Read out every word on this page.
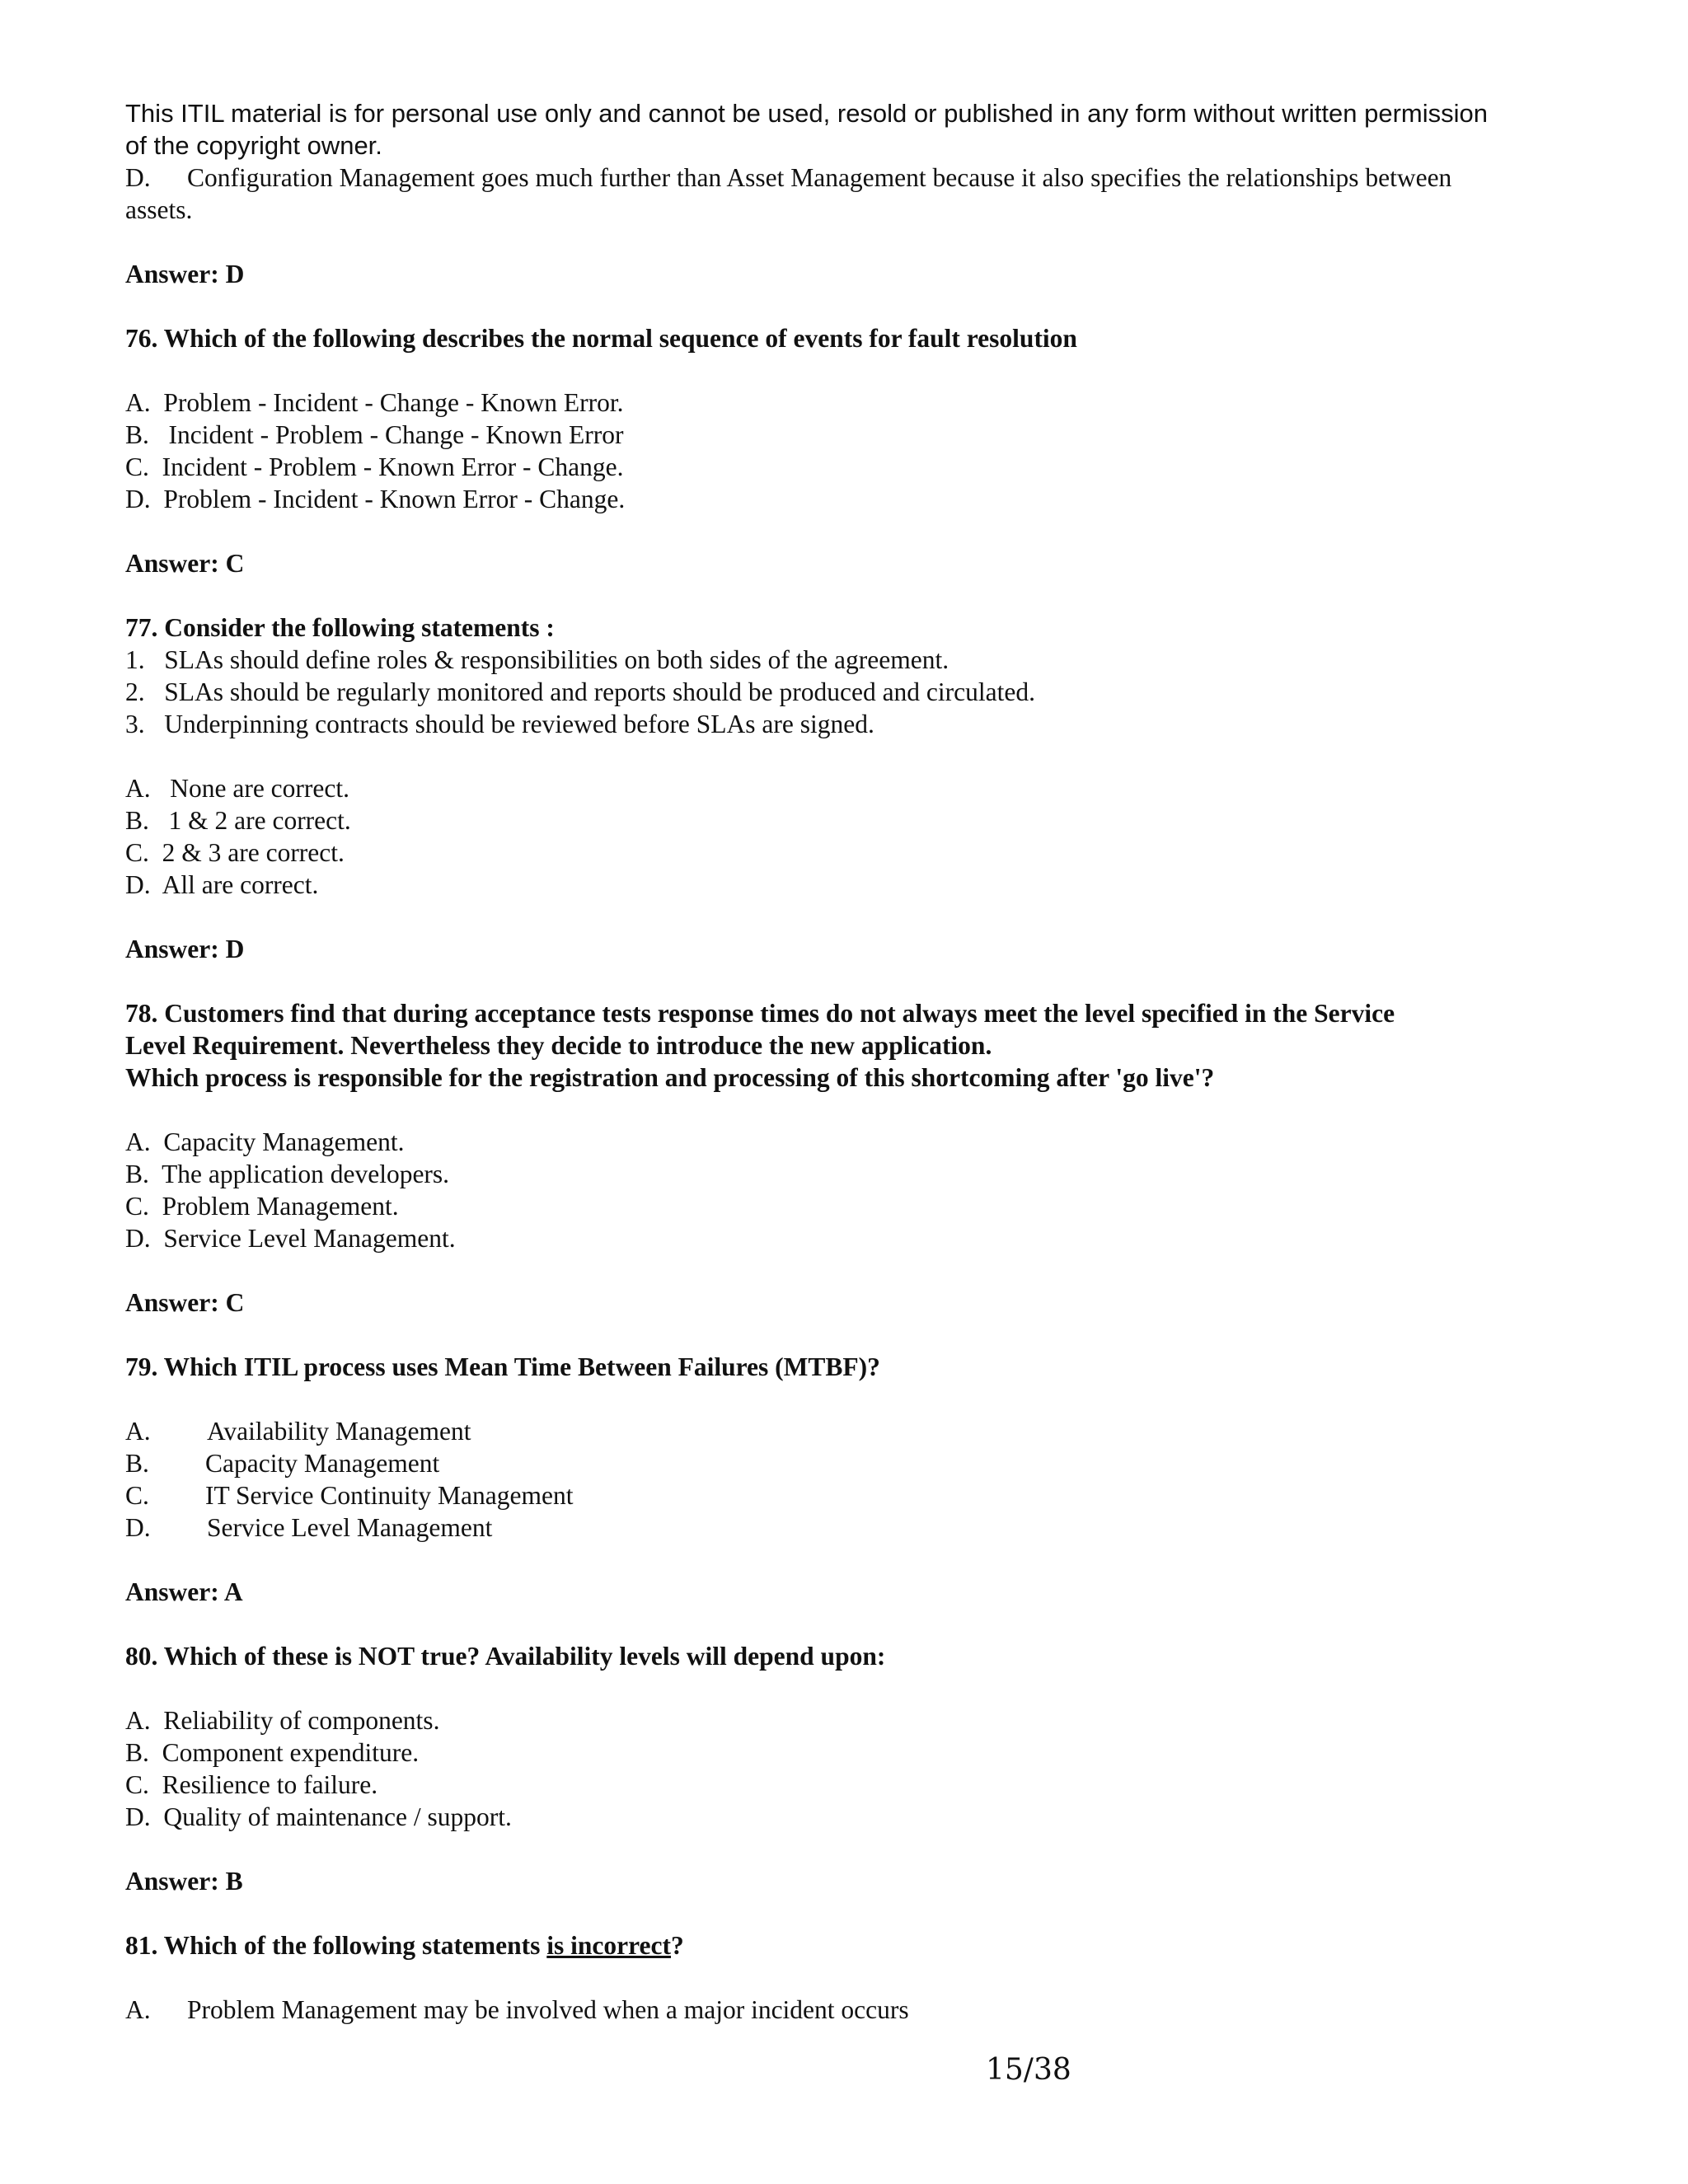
This ITIL material is for personal use only and cannot be used, resold or published in any form without written permission of the copyright owner.
D. Configuration Management goes much further than Asset Management because it also specifies the relationships between assets.
Answer: D
76. Which of the following describes the normal sequence of events for fault resolution
A.  Problem - Incident - Change - Known Error.
B.   Incident - Problem - Change - Known Error
C.  Incident - Problem - Known Error - Change.
D.  Problem - Incident - Known Error - Change.
Answer: C
77. Consider the following statements :
1.   SLAs should define roles & responsibilities on both sides of the agreement.
2.   SLAs should be regularly monitored and reports should be produced and circulated.
3.   Underpinning contracts should be reviewed before SLAs are signed.
A.   None are correct.
B.   1 & 2 are correct.
C.  2 & 3 are correct.
D.  All are correct.
Answer: D
78. Customers find that during acceptance tests response times do not always meet the level specified in the Service
Level Requirement. Nevertheless they decide to introduce the new application.
Which process is responsible for the registration and processing of this shortcoming after 'go live'?
A.  Capacity Management.
B.  The application developers.
C.  Problem Management.
D.  Service Level Management.
Answer: C
79. Which ITIL process uses Mean Time Between Failures (MTBF)?
A. Availability Management
B. Capacity Management
C. IT Service Continuity Management
D. Service Level Management
Answer: A
80. Which of these is NOT true? Availability levels will depend upon:
A.  Reliability of components.
B.  Component expenditure.
C.  Resilience to failure.
D.  Quality of maintenance / support.
Answer: B
81. Which of the following statements is incorrect?
A. Problem Management may be involved when a major incident occurs
15/38
